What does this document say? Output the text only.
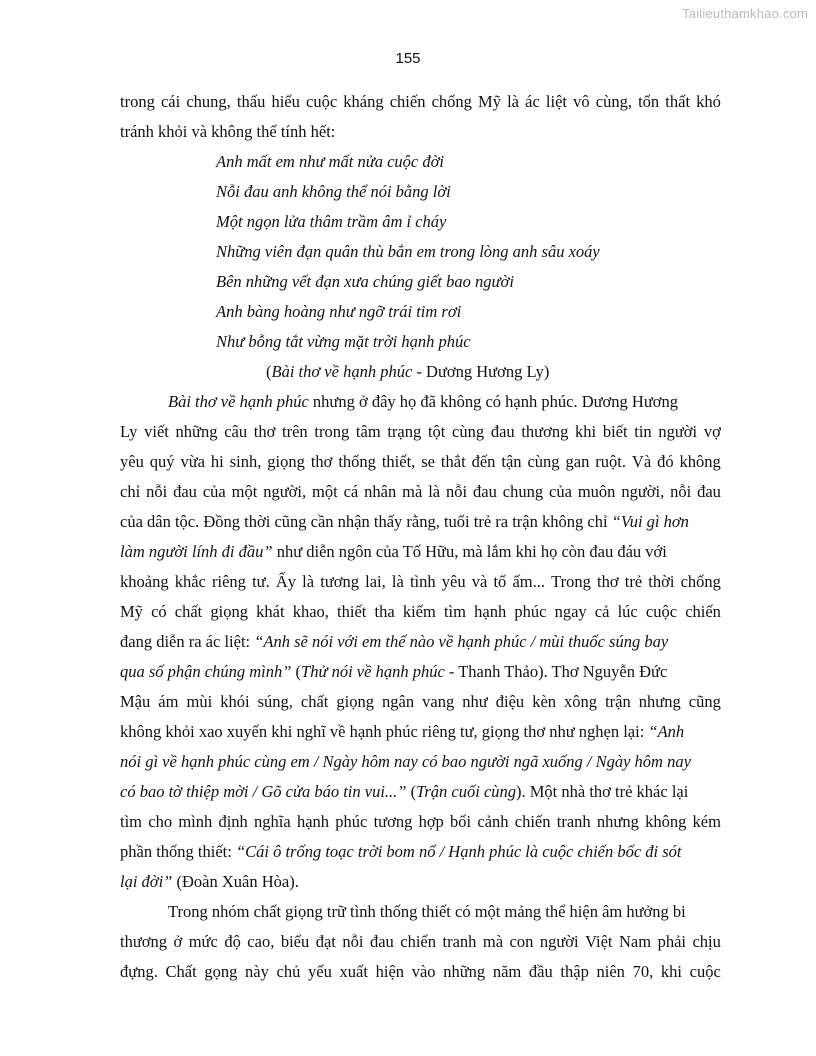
Tailieuthamkhao.com
155
trong cái chung, thấu hiểu cuộc kháng chiến chống Mỹ là ác liệt vô cùng, tổn thất khó
tránh khỏi và không thể tính hết:
Anh mất em như mất nửa cuộc đời
Nỗi đau anh không thể nói bằng lời
Một ngọn lửa thâm trầm âm ỉ cháy
Những viên đạn quân thù bắn em trong lòng anh sâu xoáy
Bên những vết đạn xưa chúng giết bao người
Anh bàng hoàng như ngỡ trái tim rơi
Như bỗng tắt vừng mặt trời hạnh phúc
(Bài thơ về hạnh phúc - Dương Hương Ly)
Bài thơ về hạnh phúc nhưng ở đây họ đã không có hạnh phúc. Dương Hương
Ly viết những câu thơ trên trong tâm trạng tột cùng đau thương khi biết tin người vợ
yêu quý vừa hi sinh, giọng thơ thống thiết, se thắt đến tận cùng gan ruột. Và đó không
chỉ nỗi đau của một người, một cá nhân mà là nỗi đau chung của muôn người, nỗi đau
của dân tộc. Đồng thời cũng cần nhận thấy rằng, tuổi trẻ ra trận không chỉ “Vui gì hơn
làm người lính đi đầu” như diễn ngôn của Tố Hữu, mà lắm khi họ còn đau đáu với
khoảng khắc riêng tư. Ấy là tương lai, là tình yêu và tổ ấm... Trong thơ trẻ thời chống
Mỹ có chất giọng khát khao, thiết tha kiếm tìm hạnh phúc ngay cả lúc cuộc chiến
đang diễn ra ác liệt: “Anh sẽ nói với em thế nào về hạnh phúc / mùi thuốc súng bay
qua số phận chúng mình” (Thử nói về hạnh phúc - Thanh Thảo). Thơ Nguyễn Đức
Mậu ám mùi khói súng, chất giọng ngân vang như điệu kèn xông trận nhưng cũng
không khỏi xao xuyến khi nghĩ về hạnh phúc riêng tư, giọng thơ như nghẹn lại: “Anh
nói gì về hạnh phúc cùng em / Ngày hôm nay có bao người ngã xuống / Ngày hôm nay
có bao tờ thiệp mời / Gõ cửa báo tin vui...” (Trận cuối cùng). Một nhà thơ trẻ khác lại
tìm cho mình định nghĩa hạnh phúc tương hợp bối cảnh chiến tranh nhưng không kém
phần thống thiết: “Cái ô trống toạc trời bom nổ / Hạnh phúc là cuộc chiến bốc đi sót
lại đời” (Đoàn Xuân Hòa).
Trong nhóm chất giọng trữ tình thống thiết có một mảng thể hiện âm hưởng bi
thương ở mức độ cao, biểu đạt nỗi đau chiến tranh mà con người Việt Nam phải chịu
đựng. Chất gọng này chủ yếu xuất hiện vào những năm đầu thập niên 70, khi cuộc
